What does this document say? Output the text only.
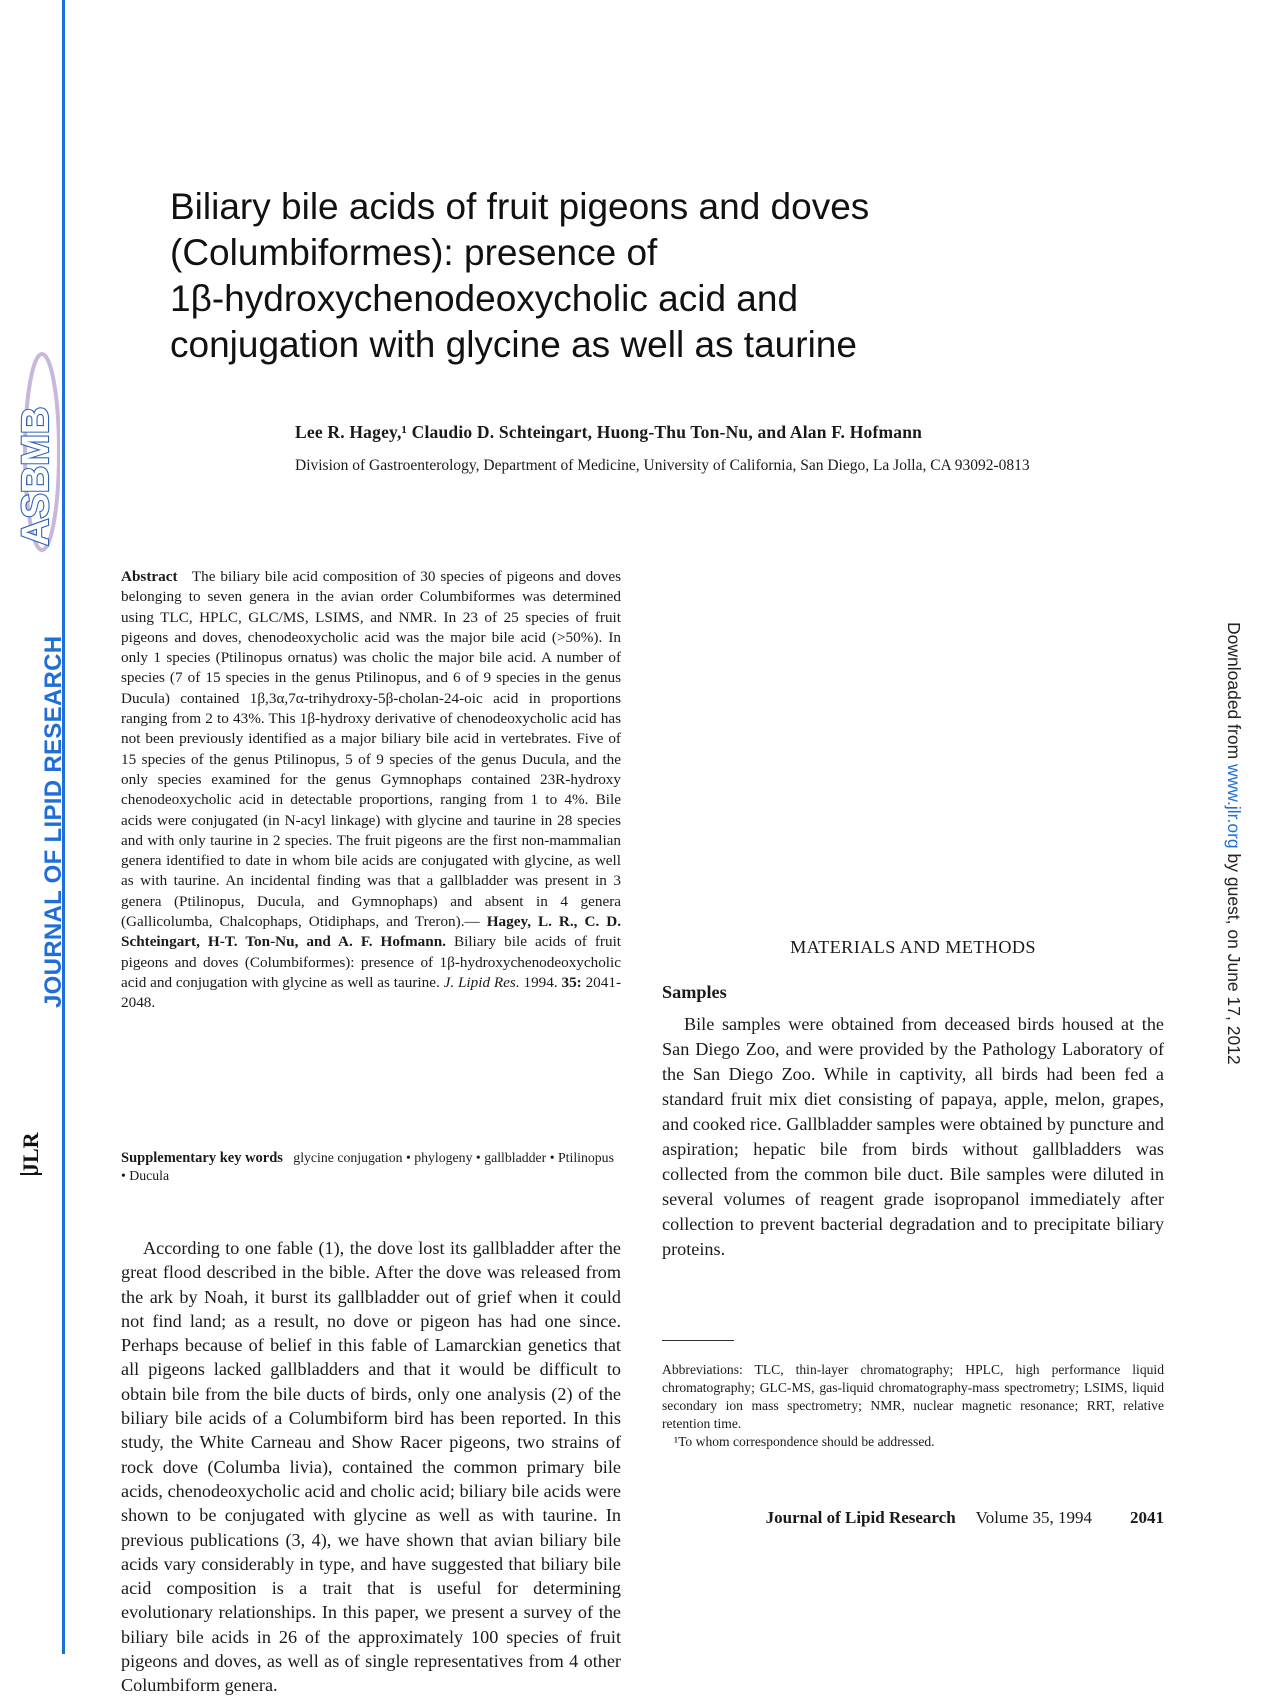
ASBMB
JOURNAL OF LIPID RESEARCH
JLR
Downloaded from www.jlr.org by guest, on June 17, 2012
Biliary bile acids of fruit pigeons and doves
(Columbiformes): presence of
1β-hydroxychenodeoxycholic acid and
conjugation with glycine as well as taurine
Lee R. Hagey,¹ Claudio D. Schteingart, Huong-Thu Ton-Nu, and Alan F. Hofmann
Division of Gastroenterology, Department of Medicine, University of California, San Diego, La Jolla, CA 93092-0813

Abstract The biliary bile acid composition of 30 species of pigeons and doves belonging to seven genera in the avian order Columbiformes was determined using TLC, HPLC, GLC/MS, LSIMS, and NMR. In 23 of 25 species of fruit pigeons and doves, chenodeoxycholic acid was the major bile acid (>50%). In only 1 species (Ptilinopus ornatus) was cholic the major bile acid. A number of species (7 of 15 species in the genus Ptilinopus, and 6 of 9 species in the genus Ducula) contained 1β,3α,7α-trihydroxy-5β-cholan-24-oic acid in proportions ranging from 2 to 43%. This 1β-hydroxy derivative of chenodeoxycholic acid has not been previously identified as a major biliary bile acid in vertebrates. Five of 15 species of the genus Ptilinopus, 5 of 9 species of the genus Ducula, and the only species examined for the genus Gymnophaps contained 23R-hydroxy chenodeoxycholic acid in detectable proportions, ranging from 1 to 4%. Bile acids were conjugated (in N-acyl linkage) with glycine and taurine in 28 species and with only taurine in 2 species. The fruit pigeons are the first non-mammalian genera identified to date in whom bile acids are conjugated with glycine, as well as with taurine. An incidental finding was that a gallbladder was present in 3 genera (Ptilinopus, Ducula, and Gymnophaps) and absent in 4 genera (Gallicolumba, Chalcophaps, Otidiphaps, and Treron).— Hagey, L. R., C. D. Schteingart, H-T. Ton-Nu, and A. F. Hofmann. Biliary bile acids of fruit pigeons and doves (Columbiformes): presence of 1β-hydroxychenodeoxycholic acid and conjugation with glycine as well as taurine. J. Lipid Res. 1994. 35: 2041-2048.

Supplementary key words glycine conjugation • phylogeny • gallbladder • Ptilinopus • Ducula

According to one fable (1), the dove lost its gallbladder after the great flood described in the bible. After the dove was released from the ark by Noah, it burst its gallbladder out of grief when it could not find land; as a result, no dove or pigeon has had one since. Perhaps because of belief in this fable of Lamarckian genetics that all pigeons lacked gallbladders and that it would be difficult to obtain bile from the bile ducts of birds, only one analysis (2) of the biliary bile acids of a Columbiform bird has been reported. In this study, the White Carneau and Show Racer pigeons, two strains of rock dove (Columba livia), contained the common primary bile acids, chenodeoxycholic acid and cholic acid; biliary bile acids were shown to be conjugated with glycine as well as with taurine. In previous publications (3, 4), we have shown that avian biliary bile acids vary considerably in type, and have suggested that biliary bile acid composition is a trait that is useful for determining evolutionary relationships. In this paper, we present a survey of the biliary bile acids in 26 of the approximately 100 species of fruit pigeons and doves, as well as of single representatives from 4 other Columbiform genera.

MATERIALS AND METHODS
Samples

Bile samples were obtained from deceased birds housed at the San Diego Zoo, and were provided by the Pathology Laboratory of the San Diego Zoo. While in captivity, all birds had been fed a standard fruit mix diet consisting of papaya, apple, melon, grapes, and cooked rice. Gallbladder samples were obtained by puncture and aspiration; hepatic bile from birds without gallbladders was collected from the common bile duct. Bile samples were diluted in several volumes of reagent grade isopropanol immediately after collection to prevent bacterial degradation and to precipitate biliary proteins.

Abbreviations: TLC, thin-layer chromatography; HPLC, high performance liquid chromatography; GLC-MS, gas-liquid chromatography-mass spectrometry; LSIMS, liquid secondary ion mass spectrometry; NMR, nuclear magnetic resonance; RRT, relative retention time.

¹To whom correspondence should be addressed.

Journal of Lipid Research Volume 35, 1994 2041
